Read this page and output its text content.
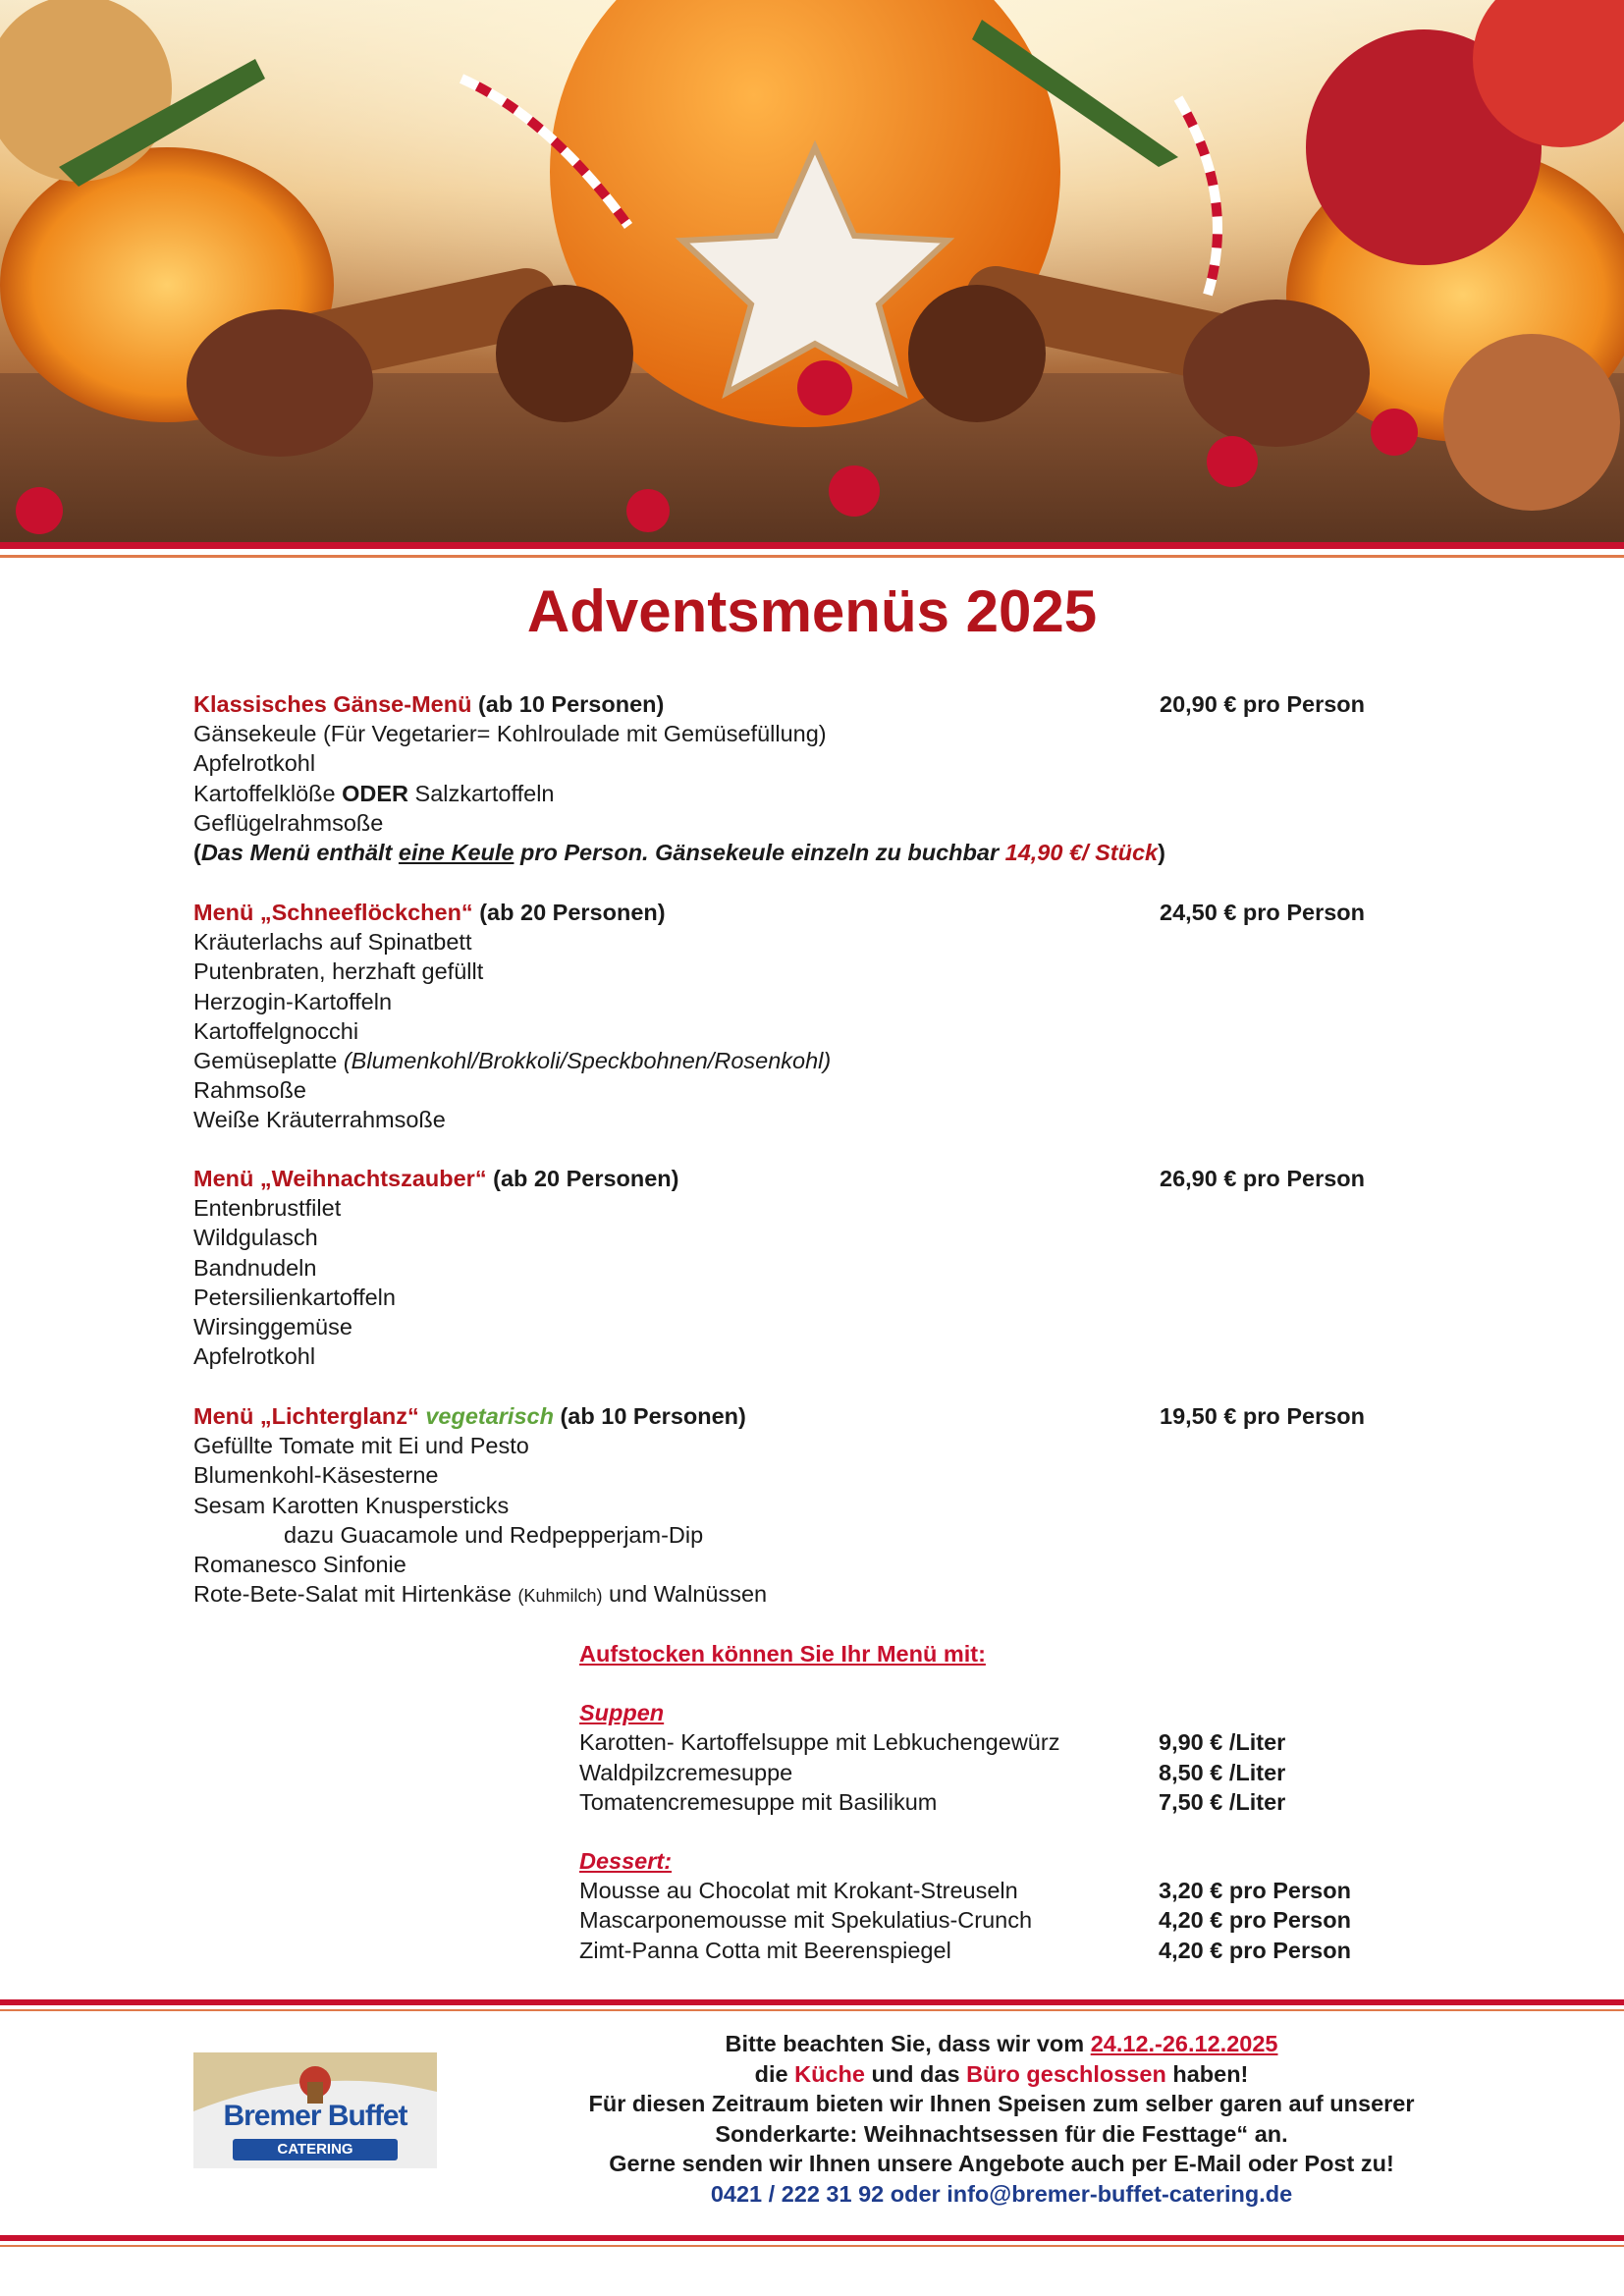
Adventsmenüs 2025
Klassisches Gänse-Menü (ab 10 Personen)	20,90 € pro Person
Gänsekeule (Für Vegetarier= Kohlroulade mit Gemüsefüllung)
Apfelrotkohl
Kartoffelklöße ODER Salzkartoffeln
Geflügelrahmsoße
(Das Menü enthält eine Keule pro Person. Gänsekeule einzeln zu buchbar 14,90 €/ Stück)
Menü „Schneeflöckchen“ (ab 20 Personen)	24,50 € pro Person
Kräuterlachs auf Spinatbett
Putenbraten, herzhaft gefüllt
Herzogin-Kartoffeln
Kartoffelgnocchi
Gemüseplatte (Blumenkohl/Brokkoli/Speckbohnen/Rosenkohl)
Rahmsoße
Weiße Kräuterrahmsoße
Menü „Weihnachtszauber“ (ab 20 Personen)	26,90 € pro Person
Entenbrustfilet
Wildgulasch
Bandnudeln
Petersilienkartoffeln
Wirsinggemüse
Apfelrotkohl
Menü „Lichterglanz“ vegetarisch (ab 10 Personen)	19,50 € pro Person
Gefüllte Tomate mit Ei und Pesto
Blumenkohl-Käsesterne
Sesam Karotten Knuspersticks
dazu Guacamole und Redpepperjam-Dip
Romanesco Sinfonie
Rote-Bete-Salat mit Hirtenkäse (Kuhmilch) und Walnüssen
Aufstocken können Sie Ihr Menü mit:
Suppen
Karotten- Kartoffelsuppe mit Lebkuchengewürz	9,90 € /Liter
Waldpilzcremesuppe	8,50 € /Liter
Tomatencremesuppe mit Basilikum	7,50 € /Liter
Dessert:
Mousse au Chocolat mit Krokant-Streuseln	3,20 € pro Person
Mascarponemousse mit Spekulatius-Crunch	4,20 € pro Person
Zimt-Panna Cotta mit Beerenspiegel	4,20 € pro Person
Bremer Buffet
CATERING
Bitte beachten Sie, dass wir vom 24.12.-26.12.2025
die Küche und das Büro geschlossen haben!
Für diesen Zeitraum bieten wir Ihnen Speisen zum selber garen auf unserer
Sonderkarte: Weihnachtsessen für die Festtage“ an.
Gerne senden wir Ihnen unsere Angebote auch per E-Mail oder Post zu!
0421 / 222 31 92 oder info@bremer-buffet-catering.de
